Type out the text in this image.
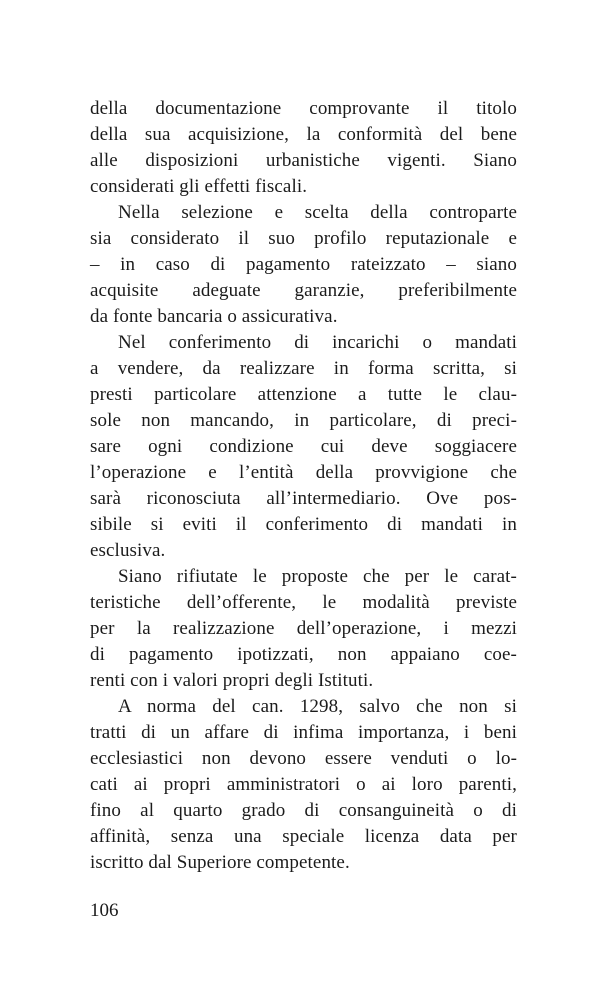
della documentazione comprovante il titolo
della sua acquisizione, la conformità del bene
alle disposizioni urbanistiche vigenti. Siano
considerati gli effetti fiscali.
Nella selezione e scelta della controparte
sia considerato il suo profilo reputazionale e
– in caso di pagamento rateizzato – siano
acquisite adeguate garanzie, preferibilmente
da fonte bancaria o assicurativa.
Nel conferimento di incarichi o mandati
a vendere, da realizzare in forma scritta, si
presti particolare attenzione a tutte le clau-
sole non mancando, in particolare, di preci-
sare ogni condizione cui deve soggiacere
l’operazione e l’entità della provvigione che
sarà riconosciuta all’intermediario. Ove pos-
sibile si eviti il conferimento di mandati in
esclusiva.
Siano rifiutate le proposte che per le carat-
teristiche dell’offerente, le modalità previste
per la realizzazione dell’operazione, i mezzi
di pagamento ipotizzati, non appaiano coe-
renti con i valori propri degli Istituti.
A norma del can. 1298, salvo che non si
tratti di un affare di infima importanza, i beni
ecclesiastici non devono essere venduti o lo-
cati ai propri amministratori o ai loro parenti,
fino al quarto grado di consanguineità o di
affinità, senza una speciale licenza data per
iscritto dal Superiore competente.
106
